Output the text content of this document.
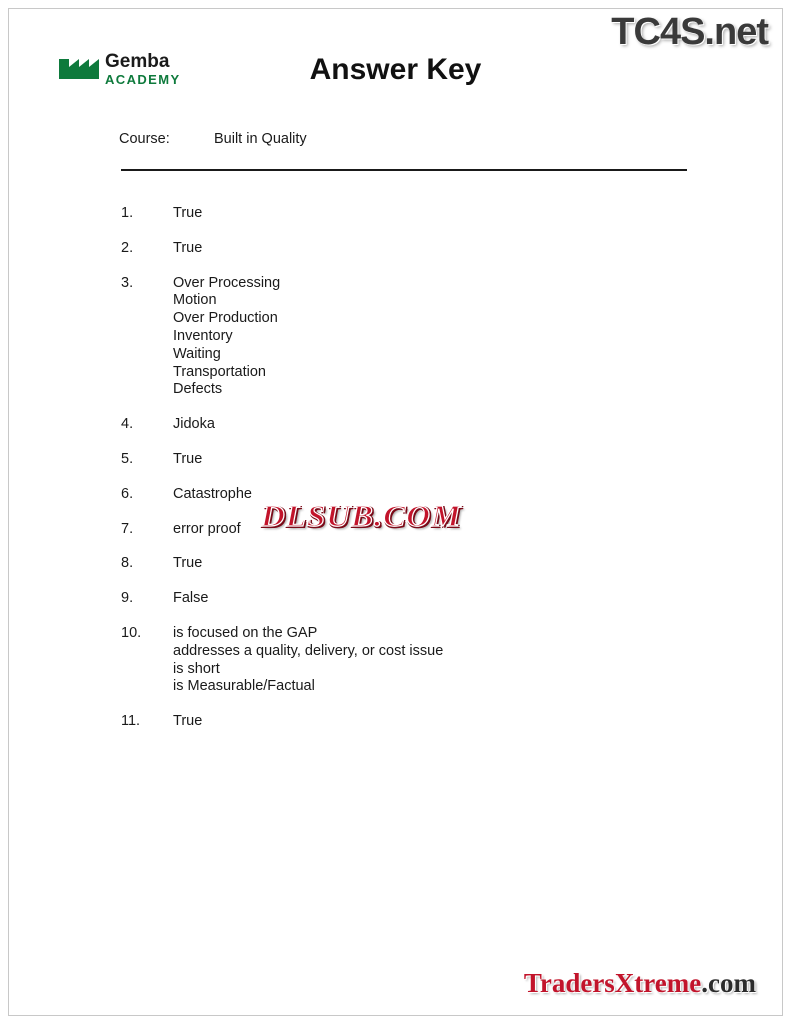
TC4S.net
Gemba
ACADEMY	Answer Key
Course:	Built in Quality
1.	True
2.	True
3.	Over Processing
Motion
Over Production
Inventory
Waiting
Transportation
Defects
4.	Jidoka
5.	True
6.	Catastrophe
7.	error proof
8.	True
9.	False
10.	is focused on the GAP
addresses a quality, delivery, or cost issue
is short
is Measurable/Factual
11.	True
DLSUB.COM
TradersXtreme.com
